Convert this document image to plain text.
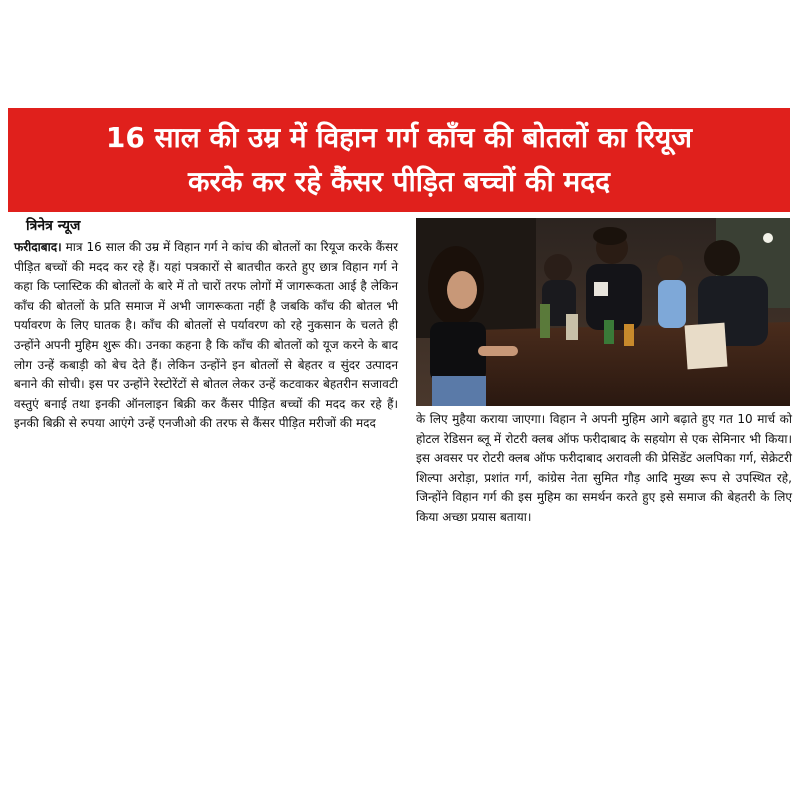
16 साल की उम्र में विहान गर्ग काँच की बोतलों का रियूज
करके कर रहे कैंसर पीड़ित बच्चों की मदद
त्रिनेत्र न्यूज

फरीदाबाद। मात्र 16 साल की उम्र में विहान गर्ग ने कांच की बोतलों का रियूज करके कैंसर पीड़ित बच्चों की मदद कर रहे हैं। यहां पत्रकारों से बातचीत करते हुए छात्र विहान गर्ग ने कहा कि प्लास्टिक की बोतलों के बारे में तो चारों तरफ लोगों में जागरूकता आई है लेकिन काँच की बोतलों के प्रति समाज में अभी जागरूकता नहीं है जबकि काँच की बोतल भी पर्यावरण के लिए घातक है। काँच की बोतलों से पर्यावरण को रहे नुकसान के चलते ही उन्होंने अपनी मुहिम शुरू की। उनका कहना है कि काँच की बोतलों को यूज करने के बाद लोग उन्हें कबाड़ी को बेच देते हैं। लेकिन उन्होंने इन बोतलों से बेहतर व सुंदर उत्पादन बनाने की सोची। इस पर उन्होंने रेस्टोरेंटों से बोतल लेकर उन्हें कटवाकर बेहतरीन सजावटी वस्तुएं बनाई तथा इनकी ऑनलाइन बिक्री कर कैंसर पीड़ित बच्चों की मदद कर रहे हैं। इनकी बिक्री से रुपया आएंगे उन्हें एनजीओ की तरफ से कैंसर पीड़ित मरीजों की मदद	के लिए मुहैया कराया जाएगा। विहान ने अपनी मुहिम आगे बढ़ाते हुए गत 10 मार्च को होटल रेडिसन ब्लू में रोटरी क्लब ऑफ फरीदाबाद के सहयोग से एक सेमिनार भी किया। इस अवसर पर रोटरी क्लब ऑफ फरीदाबाद अरावली की प्रेसिडेंट अलपिका गर्ग, सेक्रेटरी शिल्पा अरोड़ा, प्रशांत गर्ग, कांग्रेस नेता सुमित गौड़ आदि मुख्य रूप से उपस्थित रहे, जिन्होंने विहान गर्ग की इस मुहिम का समर्थन करते हुए इसे समाज की बेहतरी के लिए किया अच्छा प्रयास बताया।
